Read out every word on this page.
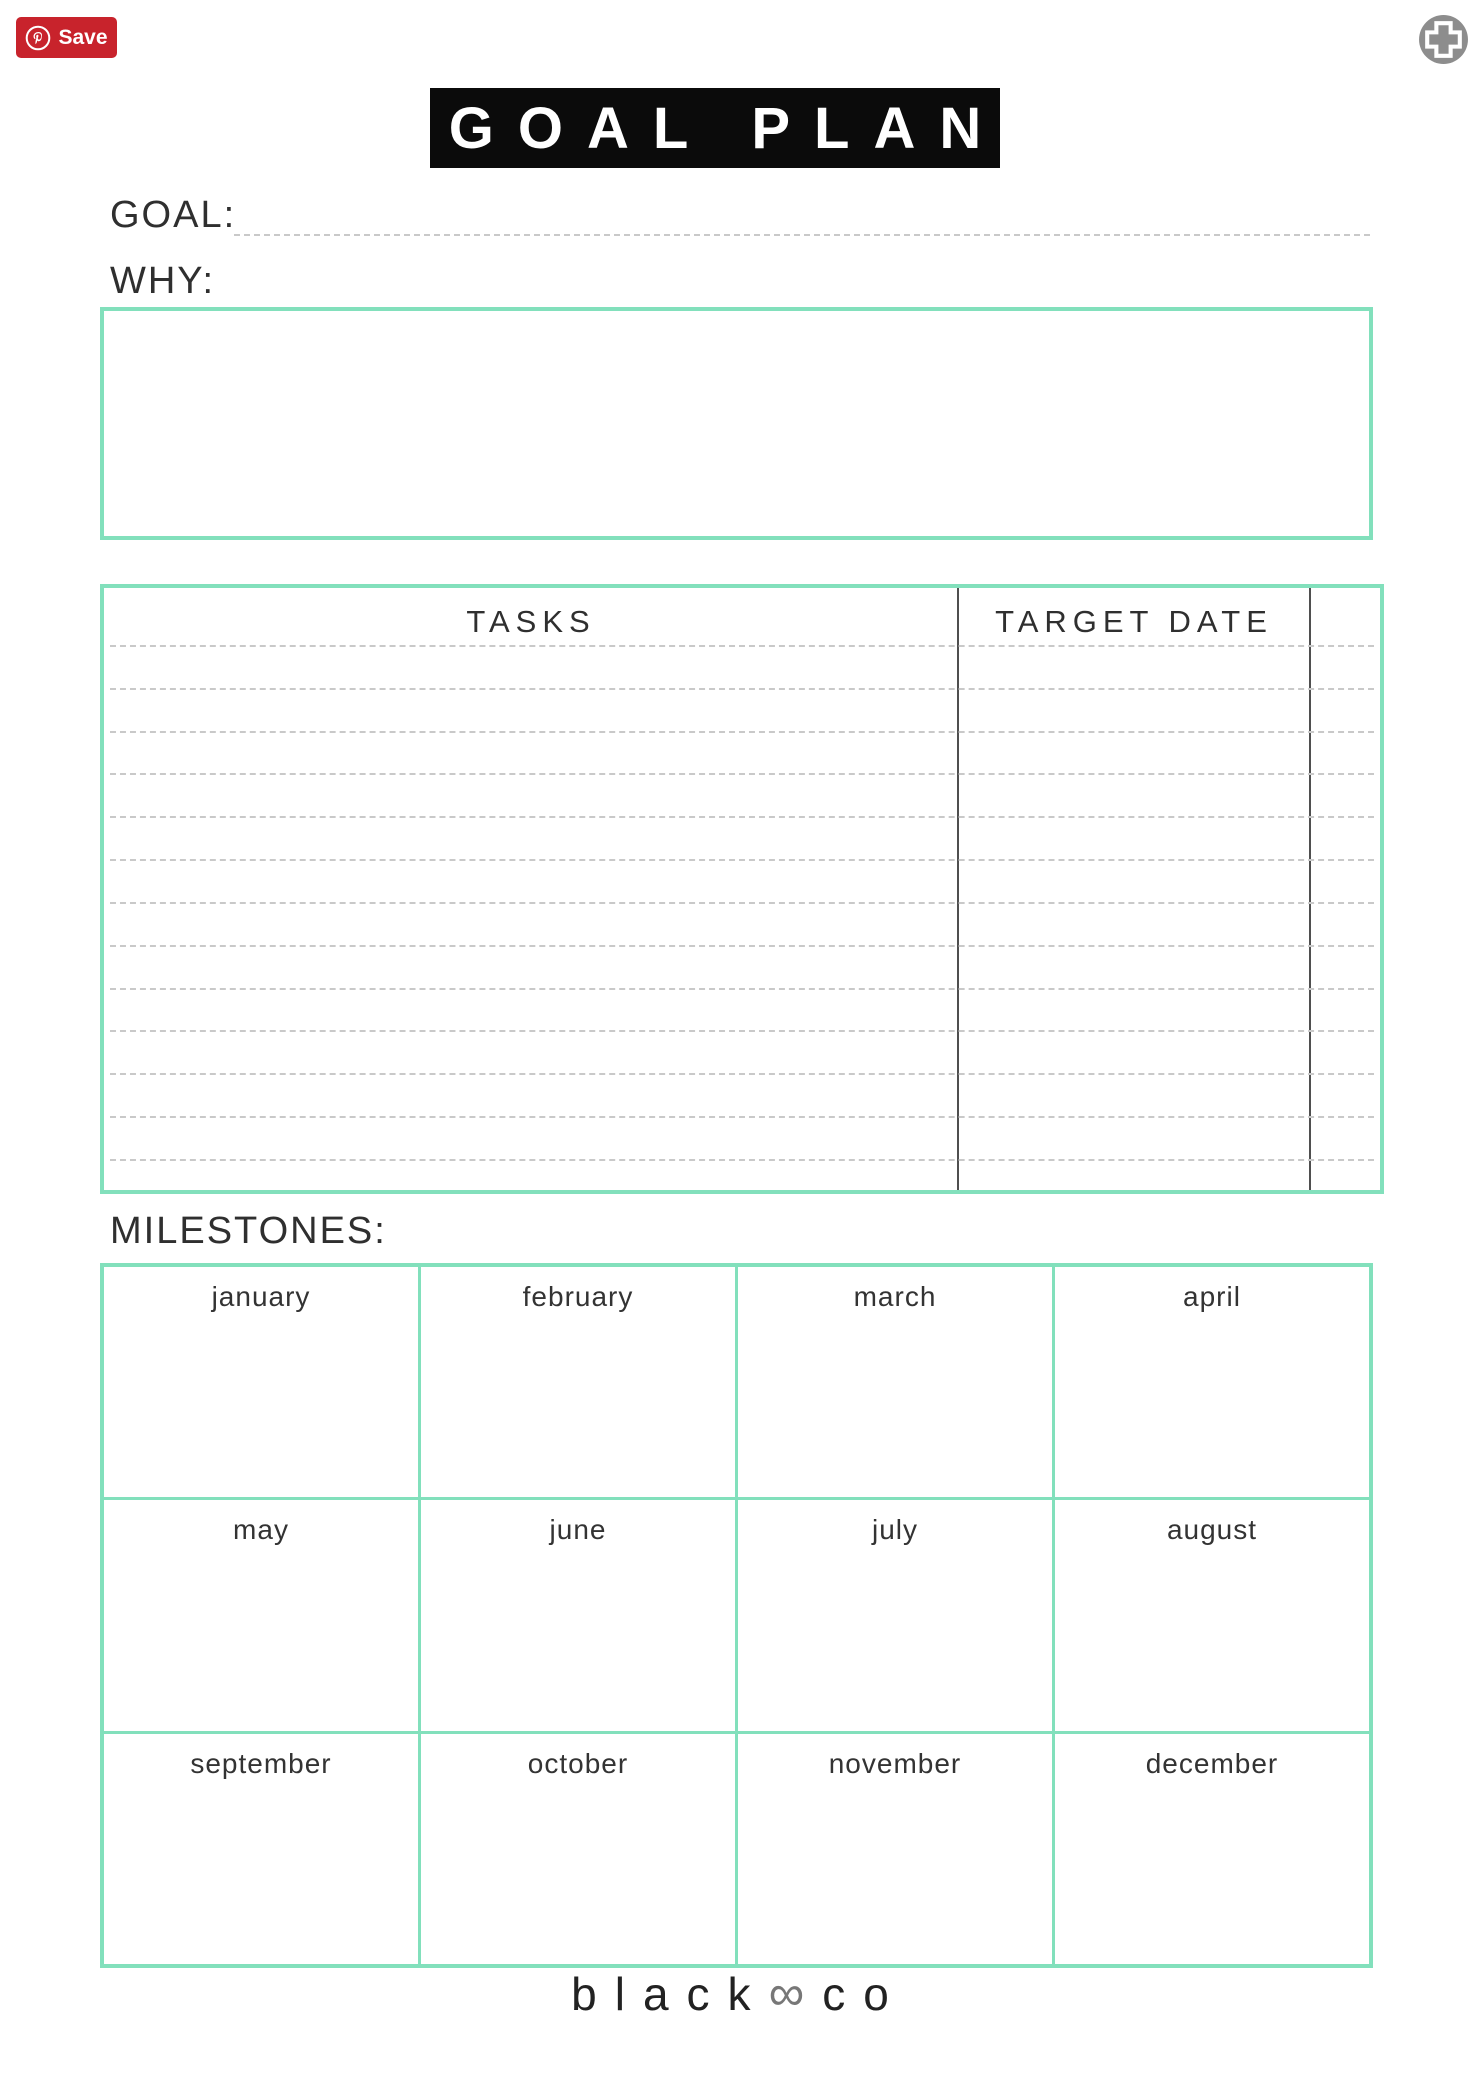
Save
GOAL PLAN
GOAL:
WHY:
TASKS	TARGET DATE
MILESTONES:
january	february	march	april
may	june	july	august
september	october	november	december
black∞co
